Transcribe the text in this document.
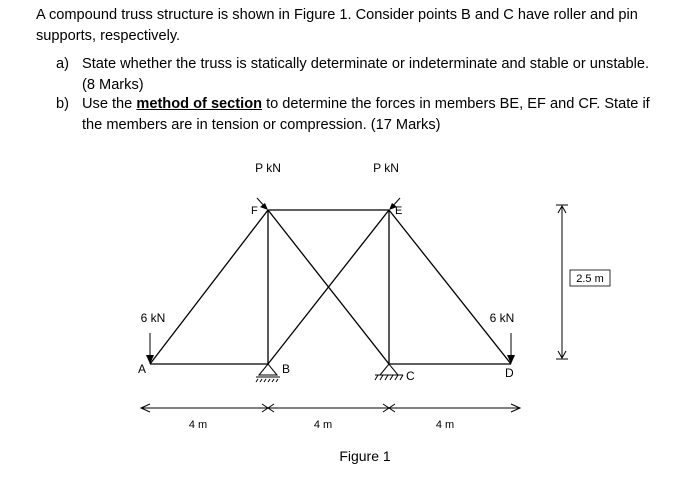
A compound truss structure is shown in Figure 1. Consider points B and C have roller and pin supports, respectively.
a) State whether the truss is statically determinate or indeterminate and stable or unstable. (8 Marks)
b) Use the method of section to determine the forces in members BE, EF and CF. State if the members are in tension or compression. (17 Marks)
P kN	P kN
6 kN	6 kN
F	E
A	B	C	D
4 m	4 m	4 m
2.5 m
Figure 1
